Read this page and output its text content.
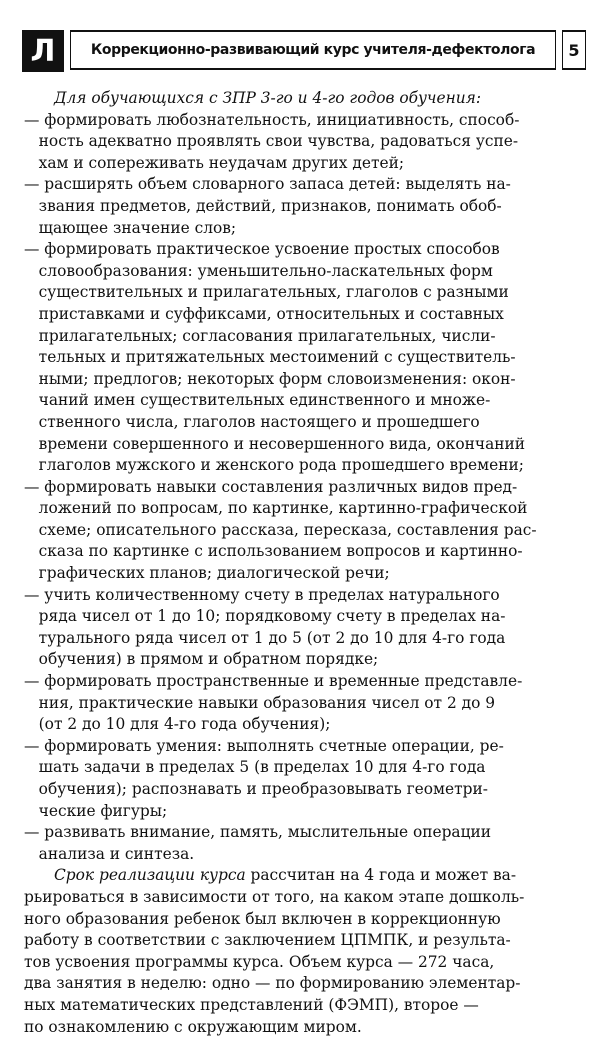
Л	Коррекционно-развивающий курс учителя-дефектолога	5
Для обучающихся с ЗПР 3-го и 4-го годов обучения:
— формировать любознательность, инициативность, способ-
ность адекватно проявлять свои чувства, радоваться успе-
хам и сопереживать неудачам других детей;
— расширять объем словарного запаса детей: выделять на-
звания предметов, действий, признаков, понимать обоб-
щающее значение слов;
— формировать практическое усвоение простых способов
словообразования: уменьшительно-ласкательных форм
существительных и прилагательных, глаголов с разными
приставками и суффиксами, относительных и составных
прилагательных; согласования прилагательных, числи-
тельных и притяжательных местоимений с существитель-
ными; предлогов; некоторых форм словоизменения: окон-
чаний имен существительных единственного и множе-
ственного числа, глаголов настоящего и прошедшего
времени совершенного и несовершенного вида, окончаний
глаголов мужского и женского рода прошедшего времени;
— формировать навыки составления различных видов пред-
ложений по вопросам, по картинке, картинно-графической
схеме; описательного рассказа, пересказа, составления рас-
сказа по картинке с использованием вопросов и картинно-
графических планов; диалогической речи;
— учить количественному счету в пределах натурального
ряда чисел от 1 до 10; порядковому счету в пределах на-
турального ряда чисел от 1 до 5 (от 2 до 10 для 4-го года
обучения) в прямом и обратном порядке;
— формировать пространственные и временные представле-
ния, практические навыки образования чисел от 2 до 9
(от 2 до 10 для 4-го года обучения);
— формировать умения: выполнять счетные операции, ре-
шать задачи в пределах 5 (в пределах 10 для 4-го года
обучения); распознавать и преобразовывать геометри-
ческие фигуры;
— развивать внимание, память, мыслительные операции
анализа и синтеза.
Срок реализации курса рассчитан на 4 года и может ва-
рьироваться в зависимости от того, на каком этапе дошколь-
ного образования ребенок был включен в коррекционную
работу в соответствии с заключением ЦПМПК, и результа-
тов усвоения программы курса. Объем курса — 272 часа,
два занятия в неделю: одно — по формированию элементар-
ных математических представлений (ФЭМП), второе —
по ознакомлению с окружающим миром.
